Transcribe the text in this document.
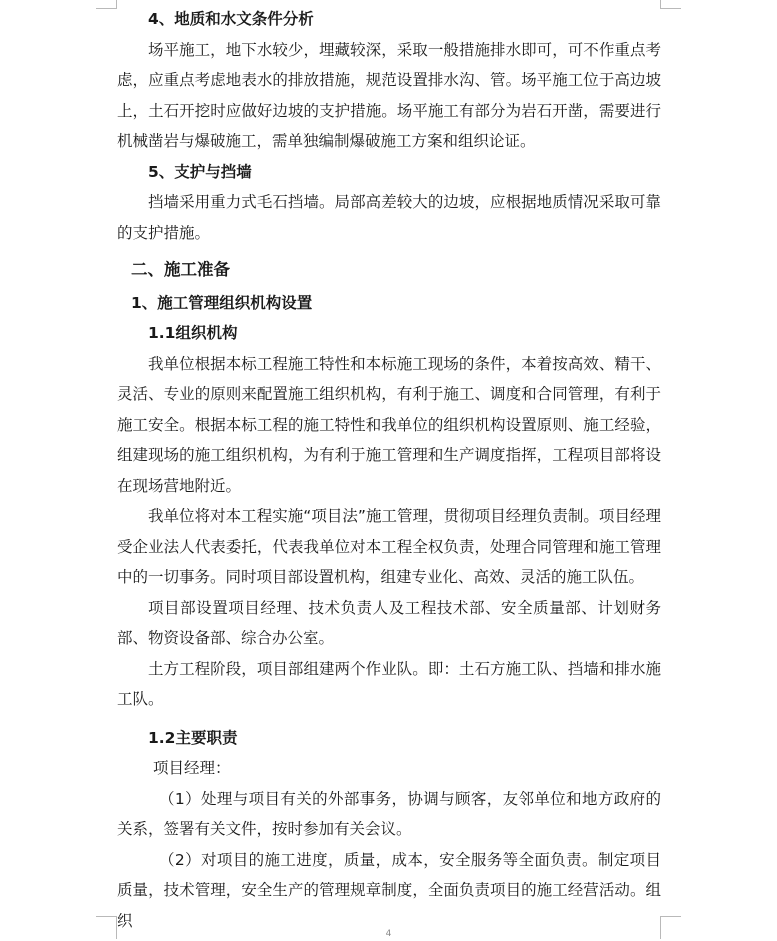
4、地质和水文条件分析

场平施工，地下水较少，埋藏较深，采取一般措施排水即可，可不作重点考虑，应重点考虑地表水的排放措施，规范设置排水沟、管。场平施工位于高边坡上，土石开挖时应做好边坡的支护措施。场平施工有部分为岩石开凿，需要进行机械凿岩与爆破施工，需单独编制爆破施工方案和组织论证。

5、支护与挡墙

挡墙采用重力式毛石挡墙。局部高差较大的边坡，应根据地质情况采取可靠的支护措施。

二、施工准备

1、施工管理组织机构设置

1.1组织机构

我单位根据本标工程施工特性和本标施工现场的条件，本着按高效、精干、灵活、专业的原则来配置施工组织机构，有利于施工、调度和合同管理，有利于施工安全。根据本标工程的施工特性和我单位的组织机构设置原则、施工经验，组建现场的施工组织机构，为有利于施工管理和生产调度指挥，工程项目部将设在现场营地附近。

我单位将对本工程实施“项目法”施工管理，贯彻项目经理负责制。项目经理受企业法人代表委托，代表我单位对本工程全权负责，处理合同管理和施工管理中的一切事务。同时项目部设置机构，组建专业化、高效、灵活的施工队伍。

项目部设置项目经理、技术负责人及工程技术部、安全质量部、计划财务部、物资设备部、综合办公室。

土方工程阶段，项目部组建两个作业队。即：土石方施工队、挡墙和排水施工队。

1.2主要职责

项目经理：

（1）处理与项目有关的外部事务，协调与顾客，友邻单位和地方政府的关系，签署有关文件，按时参加有关会议。

（2）对项目的施工进度，质量，成本，安全服务等全面负责。制定项目质量，技术管理，安全生产的管理规章制度，全面负责项目的施工经营活动。组织

4
